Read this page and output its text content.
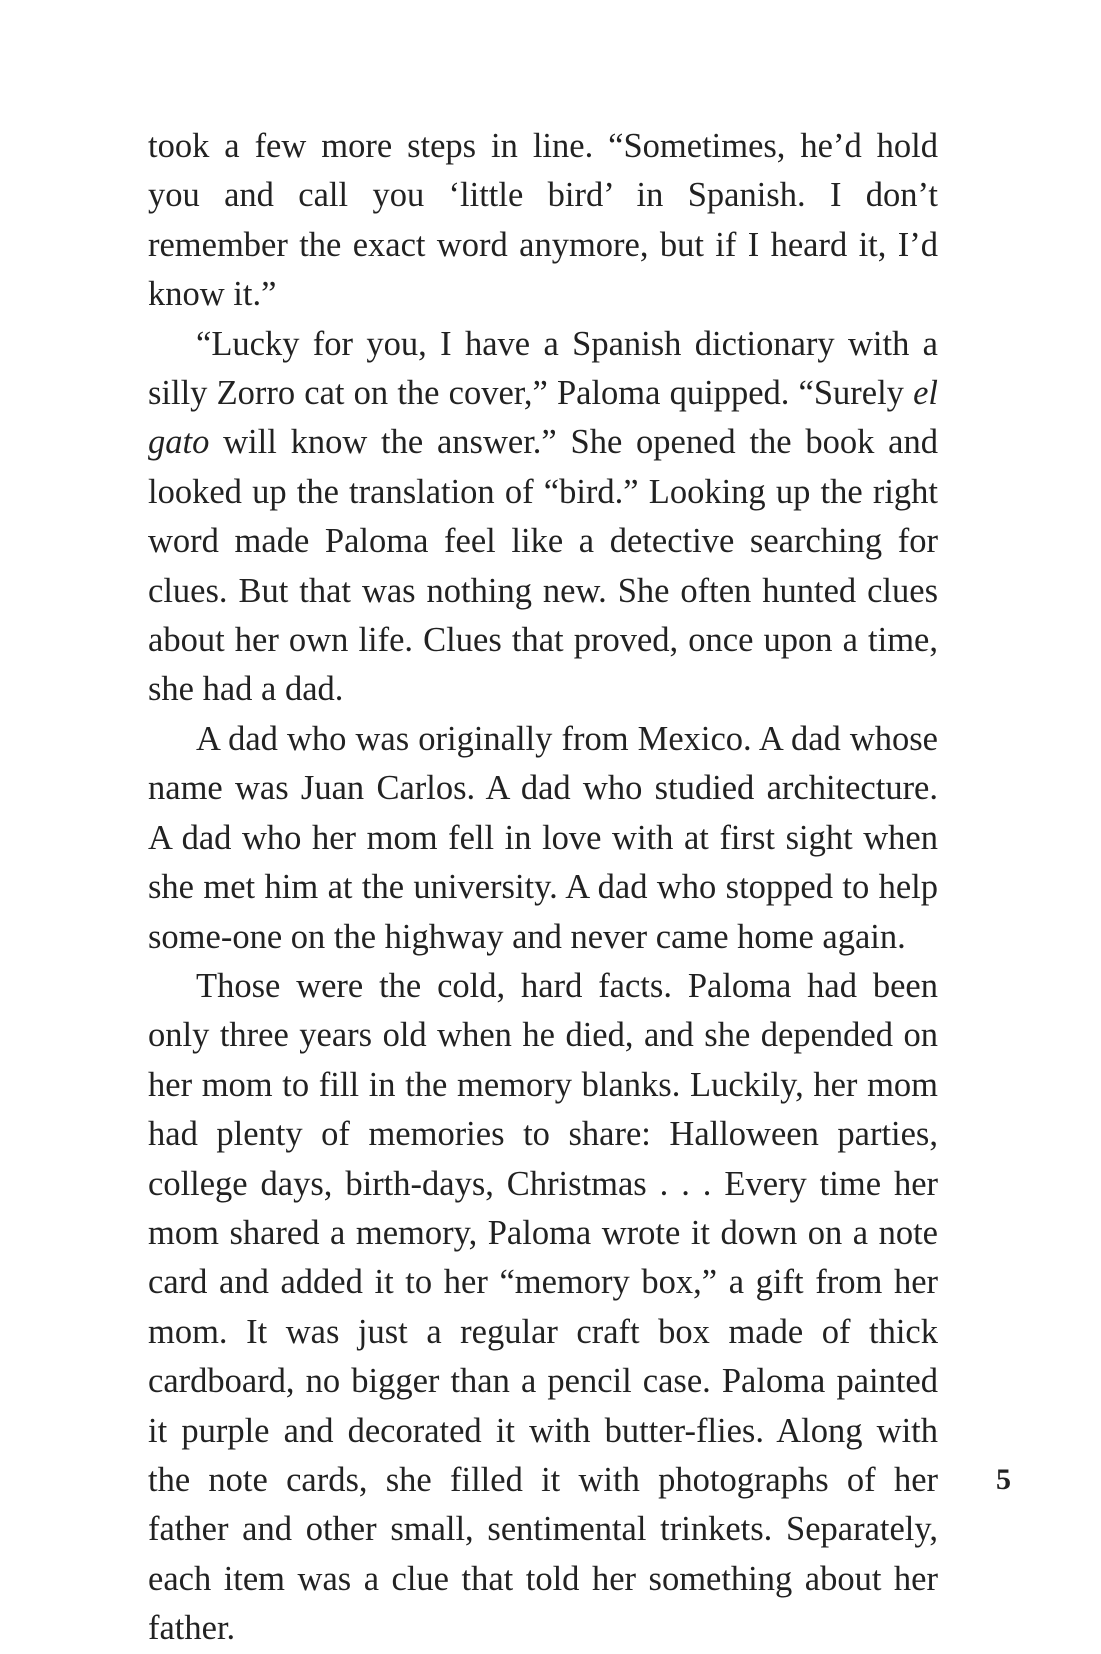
took a few more steps in line. “Sometimes, he’d hold you and call you ‘little bird’ in Spanish. I don’t remember the exact word anymore, but if I heard it, I’d know it.”

“Lucky for you, I have a Spanish dictionary with a silly Zorro cat on the cover,” Paloma quipped. “Surely el gato will know the answer.” She opened the book and looked up the translation of “bird.” Looking up the right word made Paloma feel like a detective searching for clues. But that was nothing new. She often hunted clues about her own life. Clues that proved, once upon a time, she had a dad.

A dad who was originally from Mexico. A dad whose name was Juan Carlos. A dad who studied architecture. A dad who her mom fell in love with at first sight when she met him at the university. A dad who stopped to help some-one on the highway and never came home again.

Those were the cold, hard facts. Paloma had been only three years old when he died, and she depended on her mom to fill in the memory blanks. Luckily, her mom had plenty of memories to share: Halloween parties, college days, birth-days, Christmas . . . Every time her mom shared a memory, Paloma wrote it down on a note card and added it to her “memory box,” a gift from her mom. It was just a regular craft box made of thick cardboard, no bigger than a pencil case. Paloma painted it purple and decorated it with butter-flies. Along with the note cards, she filled it with photographs of her father and other small, sentimental trinkets. Separately, each item was a clue that told her something about her father.

5
